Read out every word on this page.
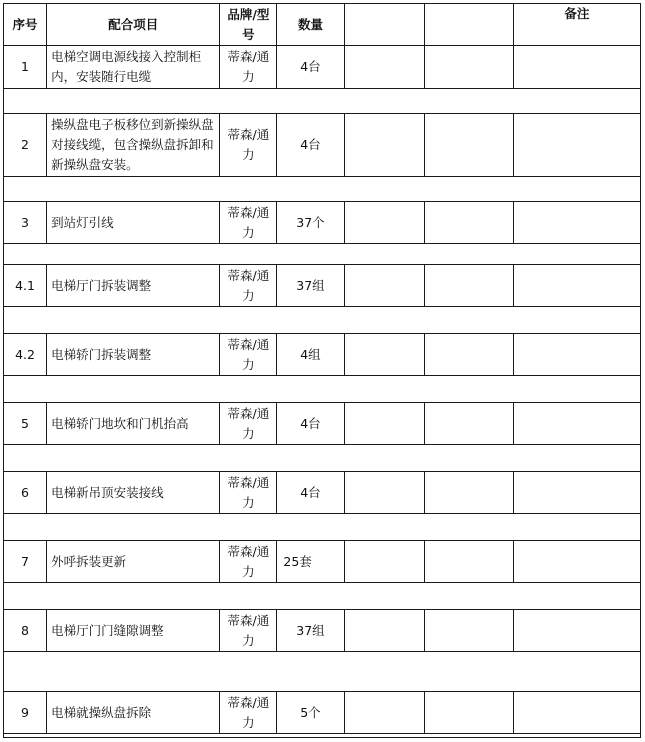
序号	配合项目	品牌/型号	数量			备注
1	电梯空调电源线接入控制柜内，安装随行电缆	蒂森/通力	4台			

2	操纵盘电子板移位到新操纵盘对接线缆，包含操纵盘拆卸和新操纵盘安装。	蒂森/通力	4台			

3	到站灯引线	蒂森/通力	37个			

4.1	电梯厅门拆装调整	蒂森/通力	37组			

4.2	电梯轿门拆装调整	蒂森/通力	4组			

5	电梯轿门地坎和门机抬高	蒂森/通力	4台			

6	电梯新吊顶安装接线	蒂森/通力	4台			

7	外呼拆装更新	蒂森/通力	25套			

8	电梯厅门门缝隙调整	蒂森/通力	37组			

9	电梯就操纵盘拆除	蒂森/通力	5个			
